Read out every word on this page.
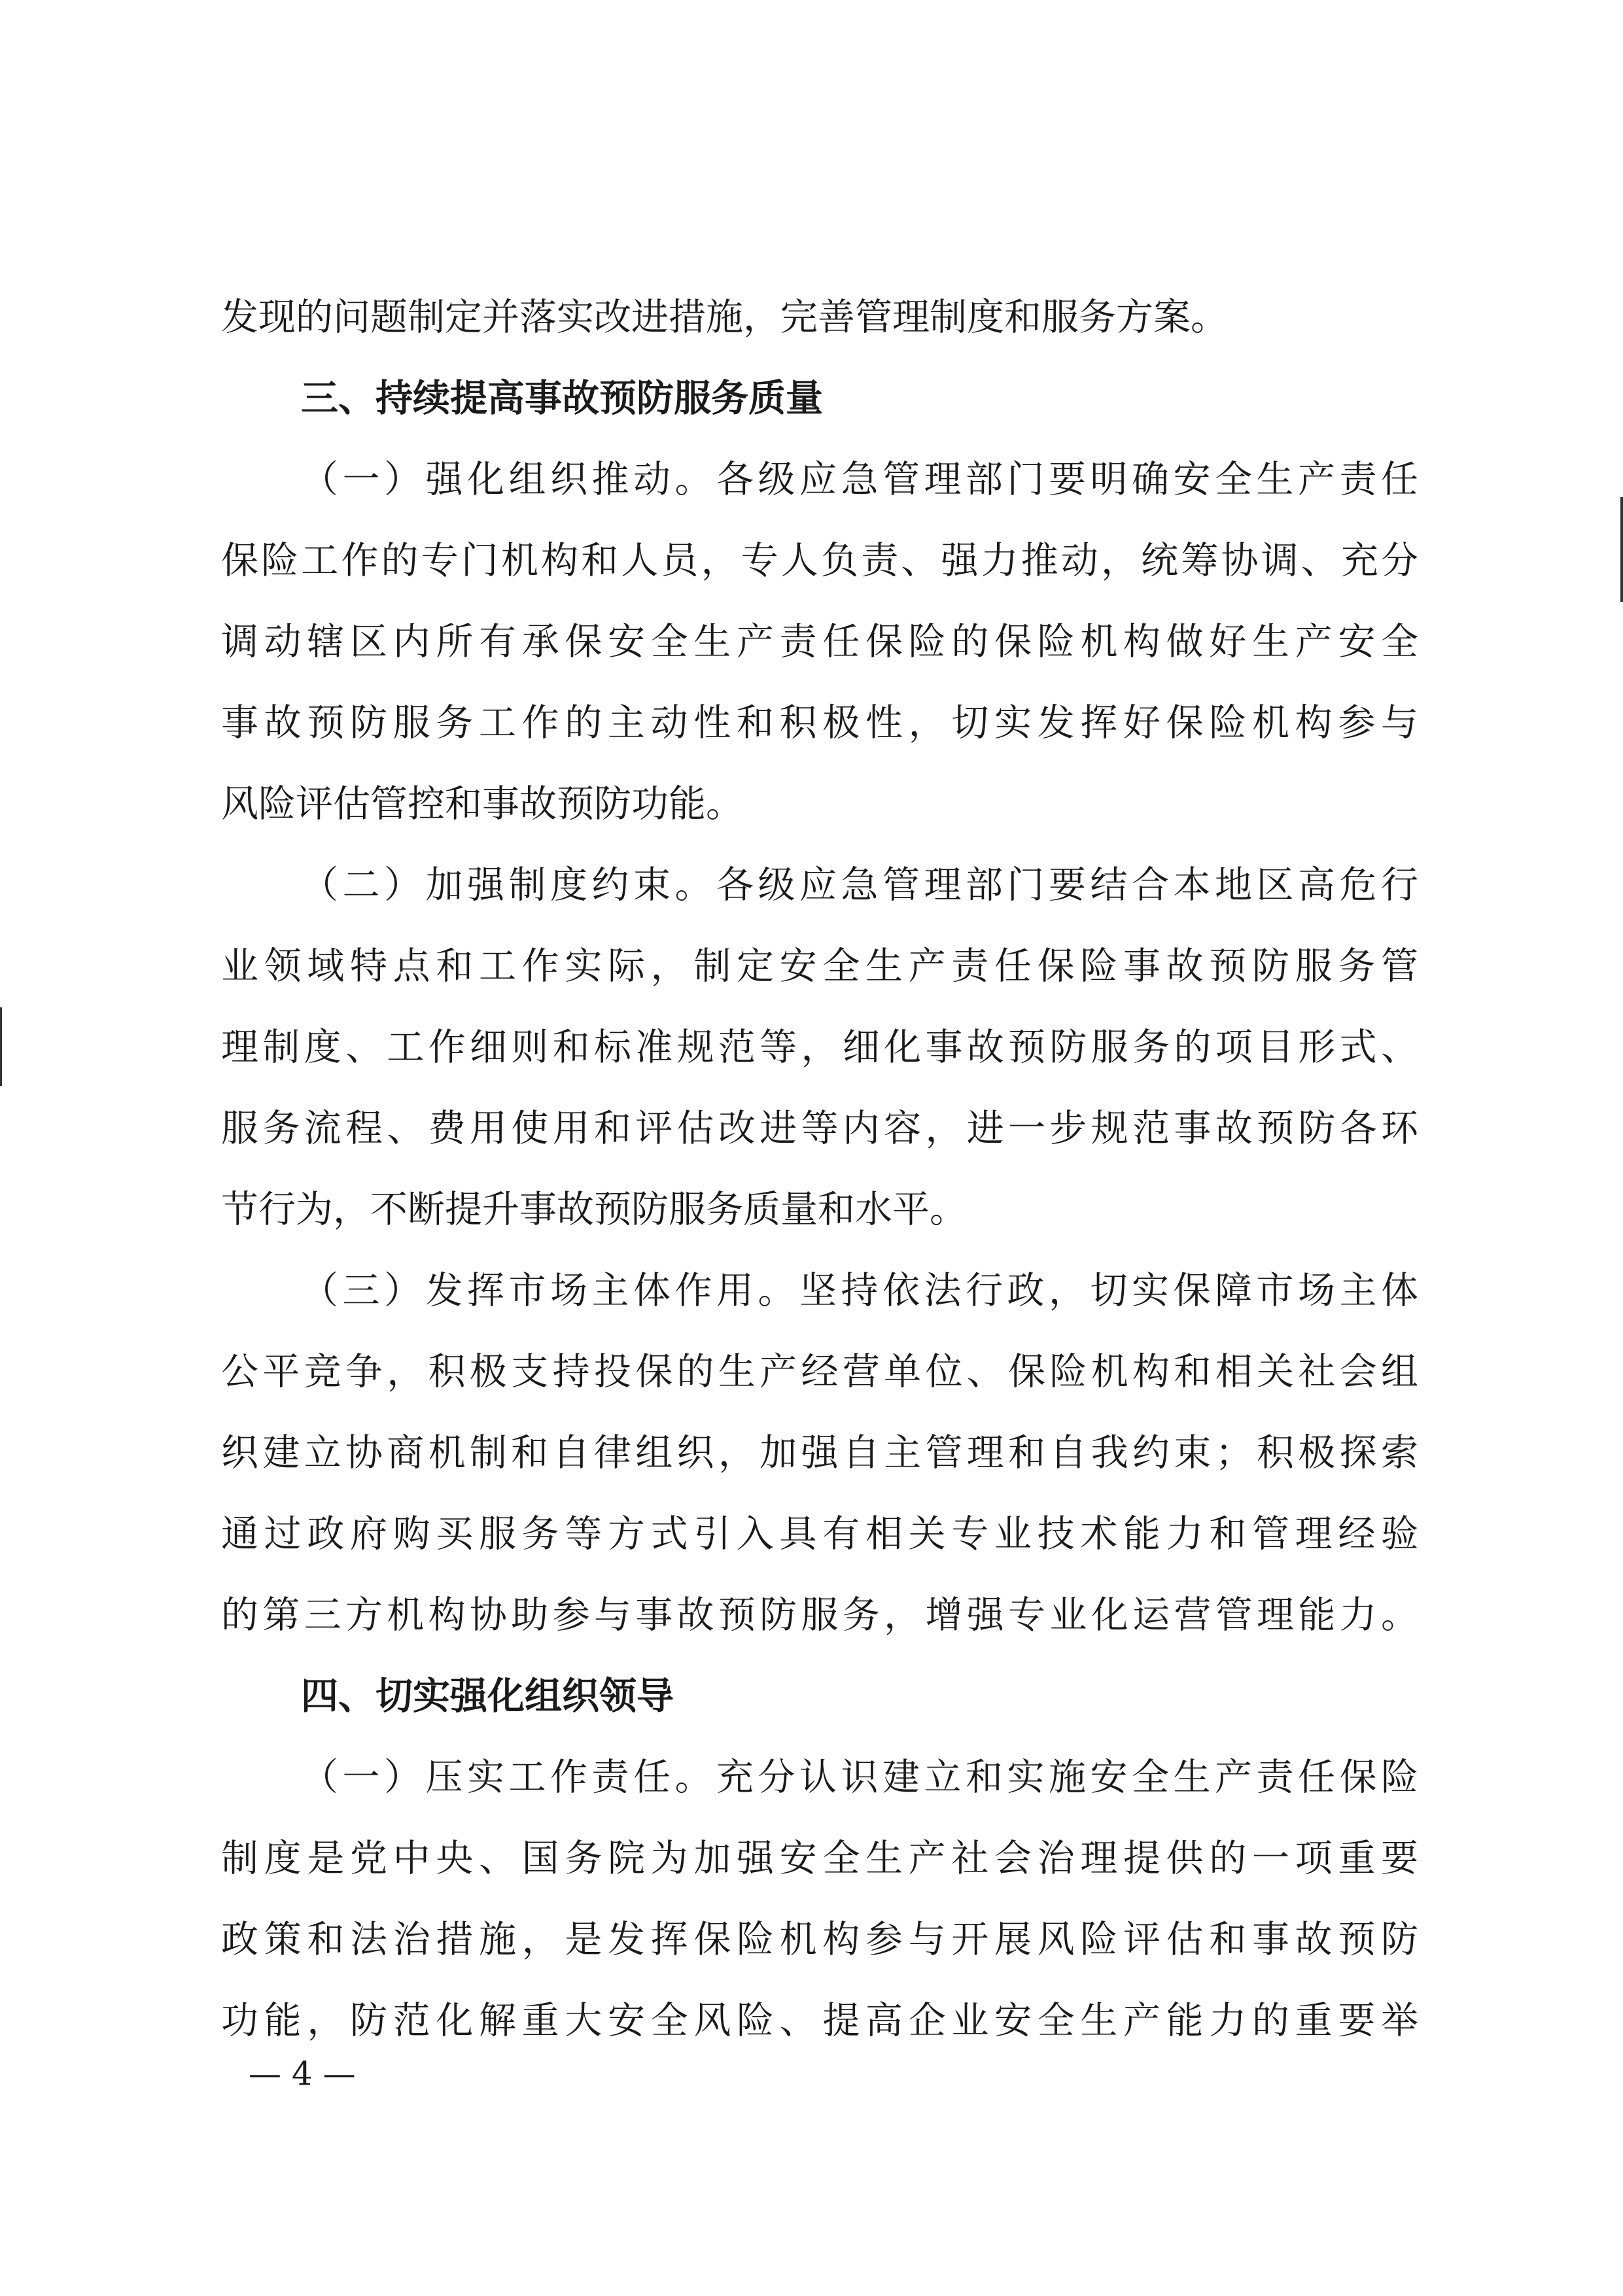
发现的问题制定并落实改进措施，完善管理制度和服务方案。
三、持续提高事故预防服务质量
（一）强化组织推动。各级应急管理部门要明确安全生产责任
保险工作的专门机构和人员，专人负责、强力推动，统筹协调、充分
调动辖区内所有承保安全生产责任保险的保险机构做好生产安全
事故预防服务工作的主动性和积极性，切实发挥好保险机构参与
风险评估管控和事故预防功能。
（二）加强制度约束。各级应急管理部门要结合本地区高危行
业领域特点和工作实际，制定安全生产责任保险事故预防服务管
理制度、工作细则和标准规范等，细化事故预防服务的项目形式、
服务流程、费用使用和评估改进等内容，进一步规范事故预防各环
节行为，不断提升事故预防服务质量和水平。
（三）发挥市场主体作用。坚持依法行政，切实保障市场主体
公平竞争，积极支持投保的生产经营单位、保险机构和相关社会组
织建立协商机制和自律组织，加强自主管理和自我约束；积极探索
通过政府购买服务等方式引入具有相关专业技术能力和管理经验
的第三方机构协助参与事故预防服务，增强专业化运营管理能力。
四、切实强化组织领导
（一）压实工作责任。充分认识建立和实施安全生产责任保险
制度是党中央、国务院为加强安全生产社会治理提供的一项重要
政策和法治措施，是发挥保险机构参与开展风险评估和事故预防
功能，防范化解重大安全风险、提高企业安全生产能力的重要举
— 4 —
